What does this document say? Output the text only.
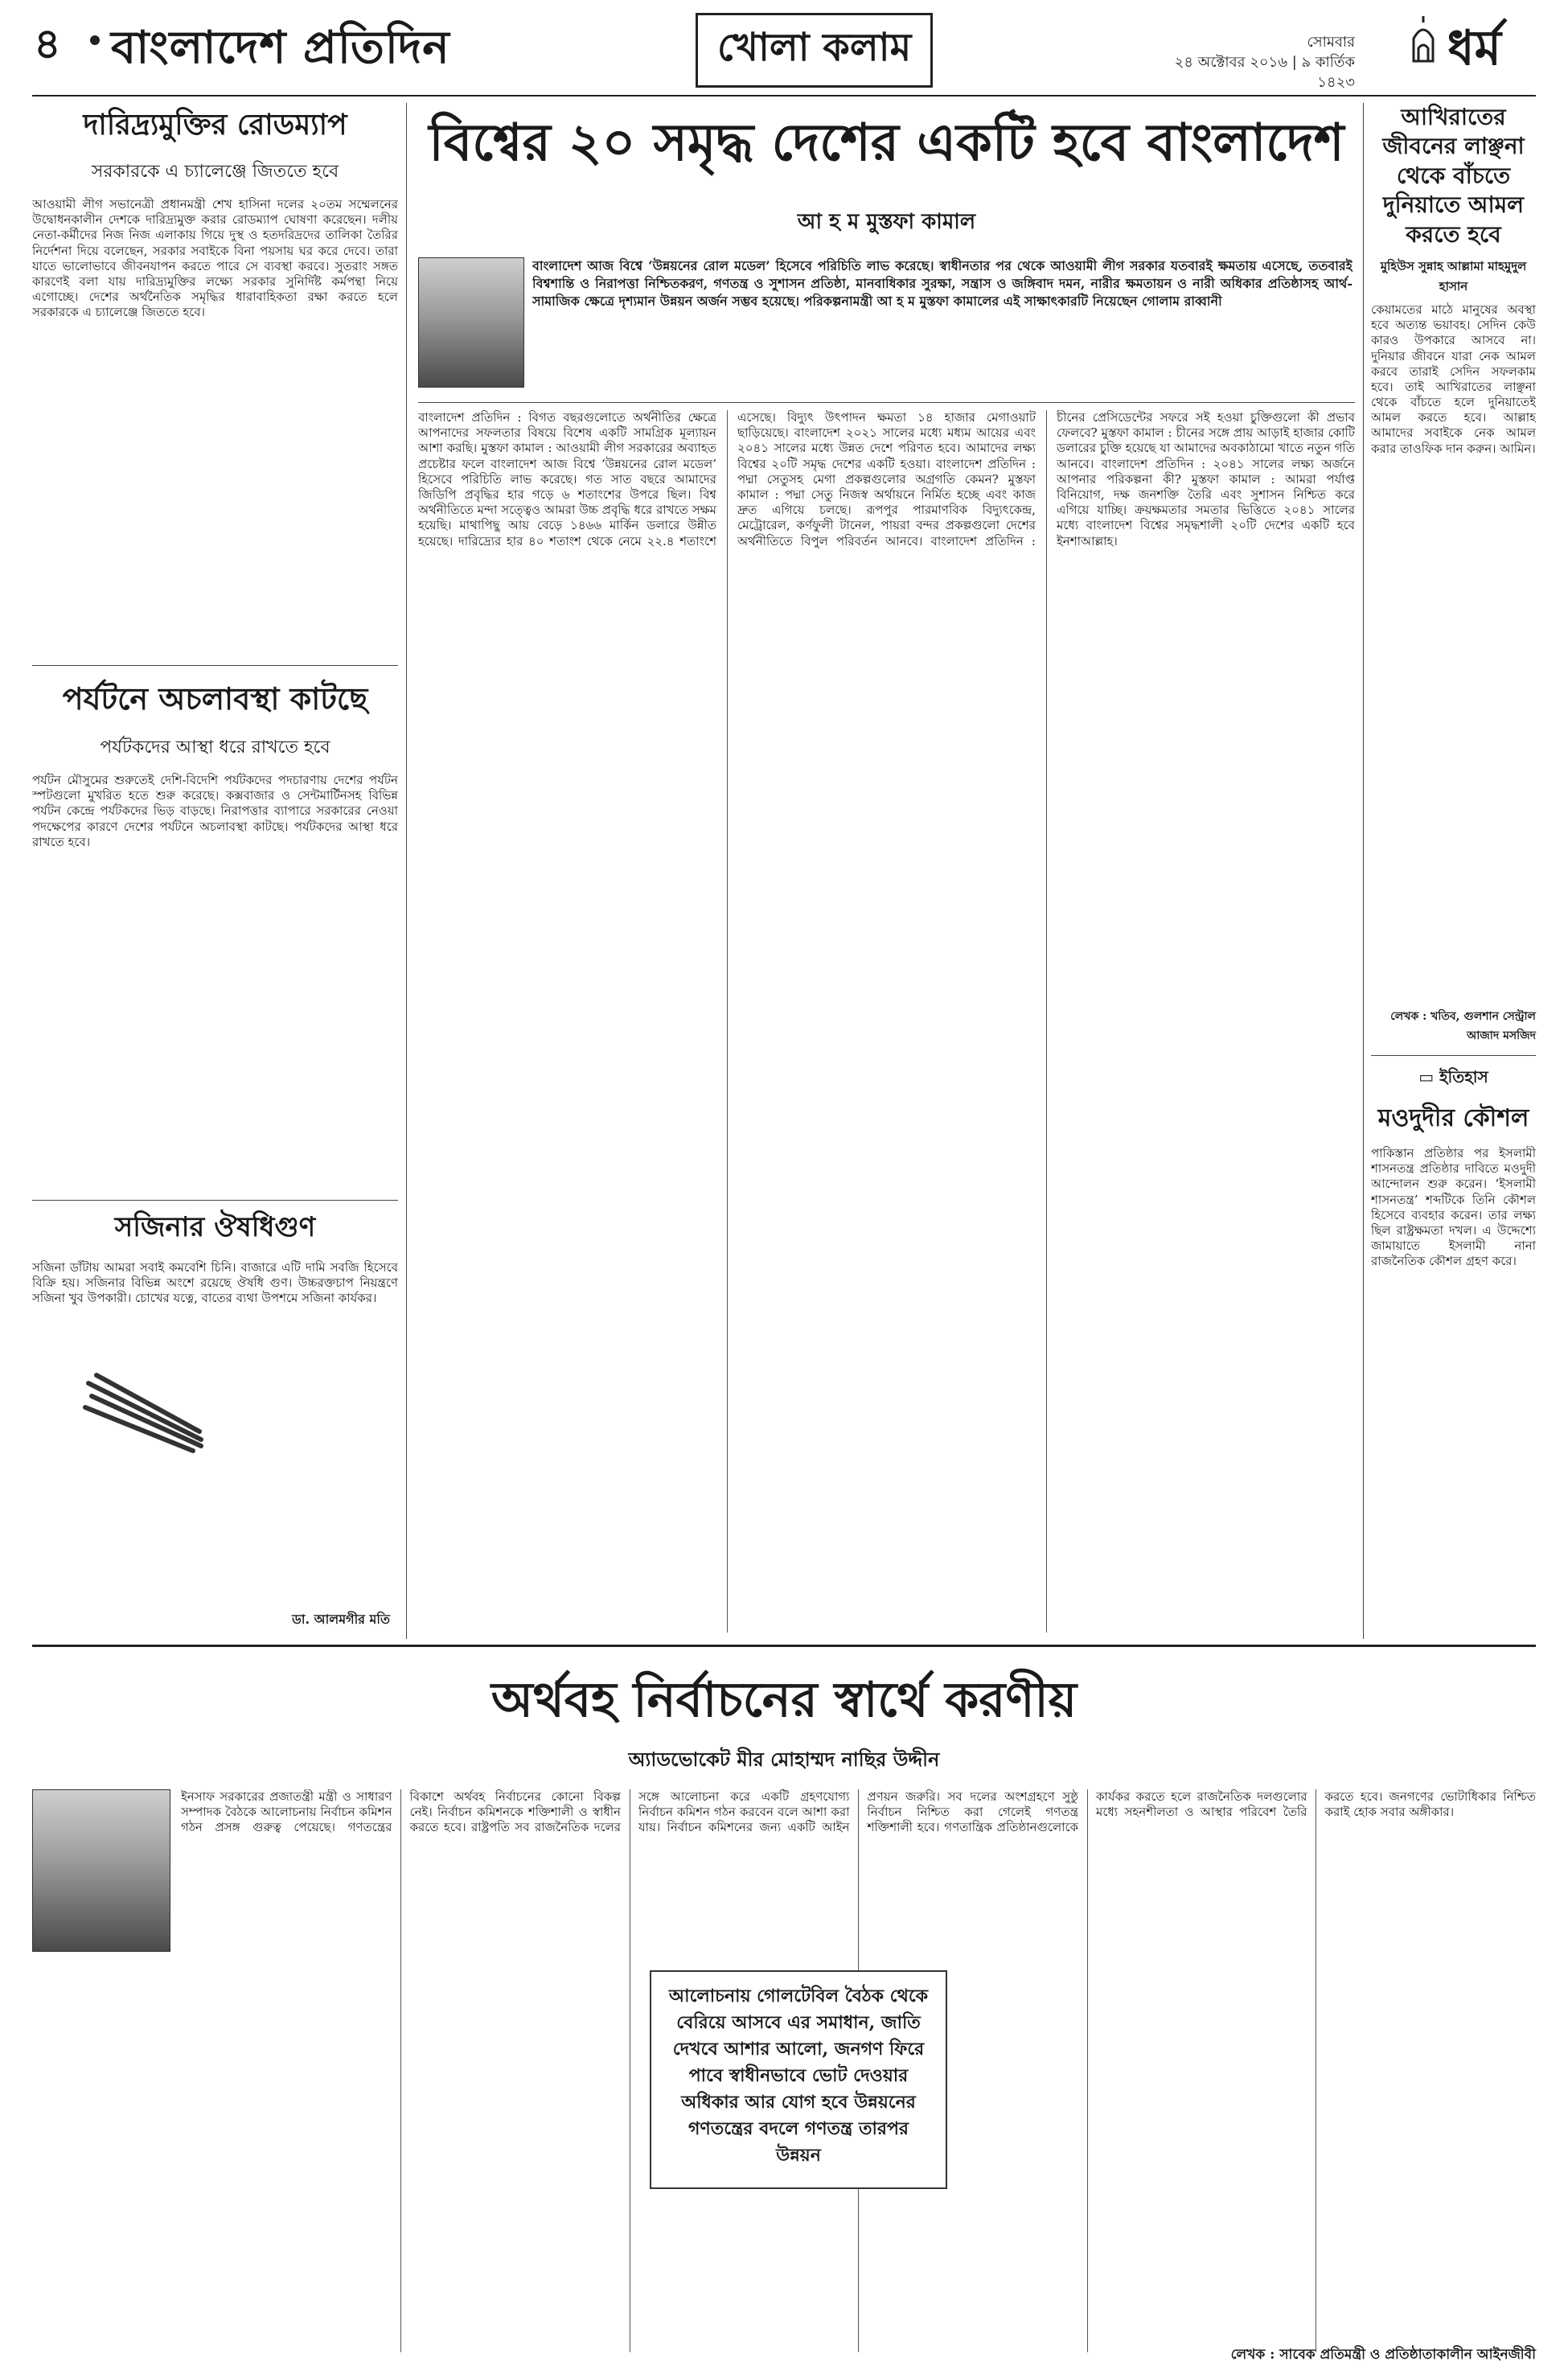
৪ বাংলাদেশ প্রতিদিন	খোলা কলাম	সোমবার
২৪ অক্টোবর ২০১৬ | ৯ কার্তিক ১৪২৩
ধর্ম
দারিদ্র্যমুক্তির রোডম্যাপ
সরকারকে এ চ্যালেঞ্জে জিততে হবে
আওয়ামী লীগ সভানেত্রী প্রধানমন্ত্রী শেখ হাসিনা দলের ২০তম সম্মেলনের উদ্বোধনকালীন দেশকে দারিদ্র্যমুক্ত করার রোডম্যাপ ঘোষণা করেছেন। দলীয় নেতা-কর্মীদের নিজ নিজ এলাকায় গিয়ে দুস্থ ও হতদরিদ্রদের তালিকা তৈরির নির্দেশনা দিয়ে বলেছেন, সরকার সবাইকে বিনা পয়সায় ঘর করে দেবে। তারা যাতে ভালোভাবে জীবনযাপন করতে পারে সে ব্যবস্থা করবে। সুতরাং সঙ্গত কারণেই বলা যায় দারিদ্র্যমুক্তির লক্ষ্যে সরকার সুনির্দিষ্ট কর্মপন্থা নিয়ে এগোচ্ছে। দেশের অর্থনৈতিক সমৃদ্ধির ধারাবাহিকতা রক্ষা করতে হলে সরকারকে এ চ্যালেঞ্জে জিততে হবে।
পর্যটনে অচলাবস্থা কাটছে
পর্যটকদের আস্থা ধরে রাখতে হবে
পর্যটন মৌসুমের শুরুতেই দেশি-বিদেশি পর্যটকদের পদচারণায় দেশের পর্যটন স্পটগুলো মুখরিত হতে শুরু করেছে। কক্সবাজার ও সেন্টমার্টিনসহ বিভিন্ন পর্যটন কেন্দ্রে পর্যটকদের ভিড় বাড়ছে। নিরাপত্তার ব্যাপারে সরকারের নেওয়া পদক্ষেপের কারণে দেশের পর্যটনে অচলাবস্থা কাটছে। পর্যটকদের আস্থা ধরে রাখতে হবে।
সজিনার ঔষধিগুণ
সজিনা ডাঁটায় আমরা সবাই কমবেশি চিনি। বাজারে এটি দামি সবজি হিসেবে বিক্রি হয়। সজিনার বিভিন্ন অংশে রয়েছে ঔষধি গুণ। উচ্চরক্তচাপ নিয়ন্ত্রণে সজিনা খুব উপকারী। চোখের যত্নে, বাতের ব্যথা উপশমে সজিনা কার্যকর।
ডা. আলমগীর মতি
বিশ্বের ২০ সমৃদ্ধ দেশের একটি হবে বাংলাদেশ
আ হ ম মুস্তফা কামাল
বাংলাদেশ আজ বিশ্বে ‘উন্নয়নের রোল মডেল’ হিসেবে পরিচিতি লাভ করেছে। স্বাধীনতার পর থেকে আওয়ামী লীগ সরকার যতবারই ক্ষমতায় এসেছে, ততবারই বিশ্বশান্তি ও নিরাপত্তা নিশ্চিতকরণ, গণতন্ত্র ও সুশাসন প্রতিষ্ঠা, মানবাধিকার সুরক্ষা, সন্ত্রাস ও জঙ্গিবাদ দমন, নারীর ক্ষমতায়ন ও নারী অধিকার প্রতিষ্ঠাসহ আর্থ-সামাজিক ক্ষেত্রে দৃশ্যমান উন্নয়ন অর্জন সম্ভব হয়েছে। পরিকল্পনামন্ত্রী আ হ ম মুস্তফা কামালের এই সাক্ষাৎকারটি নিয়েছেন গোলাম রাব্বানী
বাংলাদেশ প্রতিদিন : বিগত বছরগুলোতে অর্থনীতির ক্ষেত্রে আপনাদের সফলতার বিষয়ে বিশেষ একটি সামগ্রিক মূল্যায়ন আশা করছি। মুস্তফা কামাল : আওয়ামী লীগ সরকারের অব্যাহত প্রচেষ্টার ফলে বাংলাদেশ আজ বিশ্বে ‘উন্নয়নের রোল মডেল’ হিসেবে পরিচিতি লাভ করেছে। গত সাত বছরে আমাদের জিডিপি প্রবৃদ্ধির হার গড়ে ৬ শতাংশের উপরে ছিল। বিশ্ব অর্থনীতিতে মন্দা সত্ত্বেও আমরা উচ্চ প্রবৃদ্ধি ধরে রাখতে সক্ষম হয়েছি। মাথাপিছু আয় বেড়ে ১৪৬৬ মার্কিন ডলারে উন্নীত হয়েছে। দারিদ্র্যের হার ৪০ শতাংশ থেকে নেমে ২২.৪ শতাংশে এসেছে। বিদ্যুৎ উৎপাদন ক্ষমতা ১৪ হাজার মেগাওয়াট ছাড়িয়েছে। বাংলাদেশ ২০২১ সালের মধ্যে মধ্যম আয়ের এবং ২০৪১ সালের মধ্যে উন্নত দেশে পরিণত হবে। আমাদের লক্ষ্য বিশ্বের ২০টি সমৃদ্ধ দেশের একটি হওয়া। বাংলাদেশ প্রতিদিন : পদ্মা সেতুসহ মেগা প্রকল্পগুলোর অগ্রগতি কেমন? মুস্তফা কামাল : পদ্মা সেতু নিজস্ব অর্থায়নে নির্মিত হচ্ছে এবং কাজ দ্রুত এগিয়ে চলছে। রূপপুর পারমাণবিক বিদ্যুৎকেন্দ্র, মেট্রোরেল, কর্ণফুলী টানেল, পায়রা বন্দর প্রকল্পগুলো দেশের অর্থনীতিতে বিপুল পরিবর্তন আনবে। বাংলাদেশ প্রতিদিন : চীনের প্রেসিডেন্টের সফরে সই হওয়া চুক্তিগুলো কী প্রভাব ফেলবে? মুস্তফা কামাল : চীনের সঙ্গে প্রায় আড়াই হাজার কোটি ডলারের চুক্তি হয়েছে যা আমাদের অবকাঠামো খাতে নতুন গতি আনবে। বাংলাদেশ প্রতিদিন : ২০৪১ সালের লক্ষ্য অর্জনে আপনার পরিকল্পনা কী? মুস্তফা কামাল : আমরা পর্যাপ্ত বিনিয়োগ, দক্ষ জনশক্তি তৈরি এবং সুশাসন নিশ্চিত করে এগিয়ে যাচ্ছি। ক্রয়ক্ষমতার সমতার ভিত্তিতে ২০৪১ সালের মধ্যে বাংলাদেশ বিশ্বের সমৃদ্ধশালী ২০টি দেশের একটি হবে ইনশাআল্লাহ।
আখিরাতের জীবনের লাঞ্ছনা থেকে বাঁচতে দুনিয়াতে আমল করতে হবে
মুহিউস সুন্নাহ আল্লামা মাহমুদুল হাসান
কেয়ামতের মাঠে মানুষের অবস্থা হবে অত্যন্ত ভয়াবহ। সেদিন কেউ কারও উপকারে আসবে না। দুনিয়ার জীবনে যারা নেক আমল করবে তারাই সেদিন সফলকাম হবে। তাই আখিরাতের লাঞ্ছনা থেকে বাঁচতে হলে দুনিয়াতেই আমল করতে হবে। আল্লাহ আমাদের সবাইকে নেক আমল করার তাওফিক দান করুন। আমিন।
লেখক : খতিব, গুলশান সেন্ট্রাল আজাদ মসজিদ
▭ ইতিহাস
মওদুদীর কৌশল
পাকিস্তান প্রতিষ্ঠার পর ইসলামী শাসনতন্ত্র প্রতিষ্ঠার দাবিতে মওদুদী আন্দোলন শুরু করেন। ‘ইসলামী শাসনতন্ত্র’ শব্দটিকে তিনি কৌশল হিসেবে ব্যবহার করেন। তার লক্ষ্য ছিল রাষ্ট্রক্ষমতা দখল। এ উদ্দেশ্যে জামায়াতে ইসলামী নানা রাজনৈতিক কৌশল গ্রহণ করে।
অর্থবহ নির্বাচনের স্বার্থে করণীয়
অ্যাডভোকেট মীর মোহাম্মদ নাছির উদ্দীন
ইনসাফ সরকারের প্রজাতন্ত্রী মন্ত্রী ও সাধারণ সম্পাদক বৈঠকে আলোচনায় নির্বাচন কমিশন গঠন প্রসঙ্গ গুরুত্ব পেয়েছে। গণতন্ত্রের বিকাশে অর্থবহ নির্বাচনের কোনো বিকল্প নেই। নির্বাচন কমিশনকে শক্তিশালী ও স্বাধীন করতে হবে। রাষ্ট্রপতি সব রাজনৈতিক দলের সঙ্গে আলোচনা করে একটি গ্রহণযোগ্য নির্বাচন কমিশন গঠন করবেন বলে আশা করা যায়। নির্বাচন কমিশনের জন্য একটি আইন প্রণয়ন জরুরি। সব দলের অংশগ্রহণে সুষ্ঠু নির্বাচন নিশ্চিত করা গেলেই গণতন্ত্র শক্তিশালী হবে। গণতান্ত্রিক প্রতিষ্ঠানগুলোকে কার্যকর করতে হলে রাজনৈতিক দলগুলোর মধ্যে সহনশীলতা ও আস্থার পরিবেশ তৈরি করতে হবে। জনগণের ভোটাধিকার নিশ্চিত করাই হোক সবার অঙ্গীকার।
আলোচনায় গোলটেবিল বৈঠক থেকে বেরিয়ে আসবে এর সমাধান, জাতি দেখবে আশার আলো, জনগণ ফিরে পাবে স্বাধীনভাবে ভোট দেওয়ার অধিকার আর যোগ হবে উন্নয়নের গণতন্ত্রের বদলে গণতন্ত্র তারপর উন্নয়ন
লেখক : সাবেক প্রতিমন্ত্রী ও প্রতিষ্ঠাতাকালীন আইনজীবী
